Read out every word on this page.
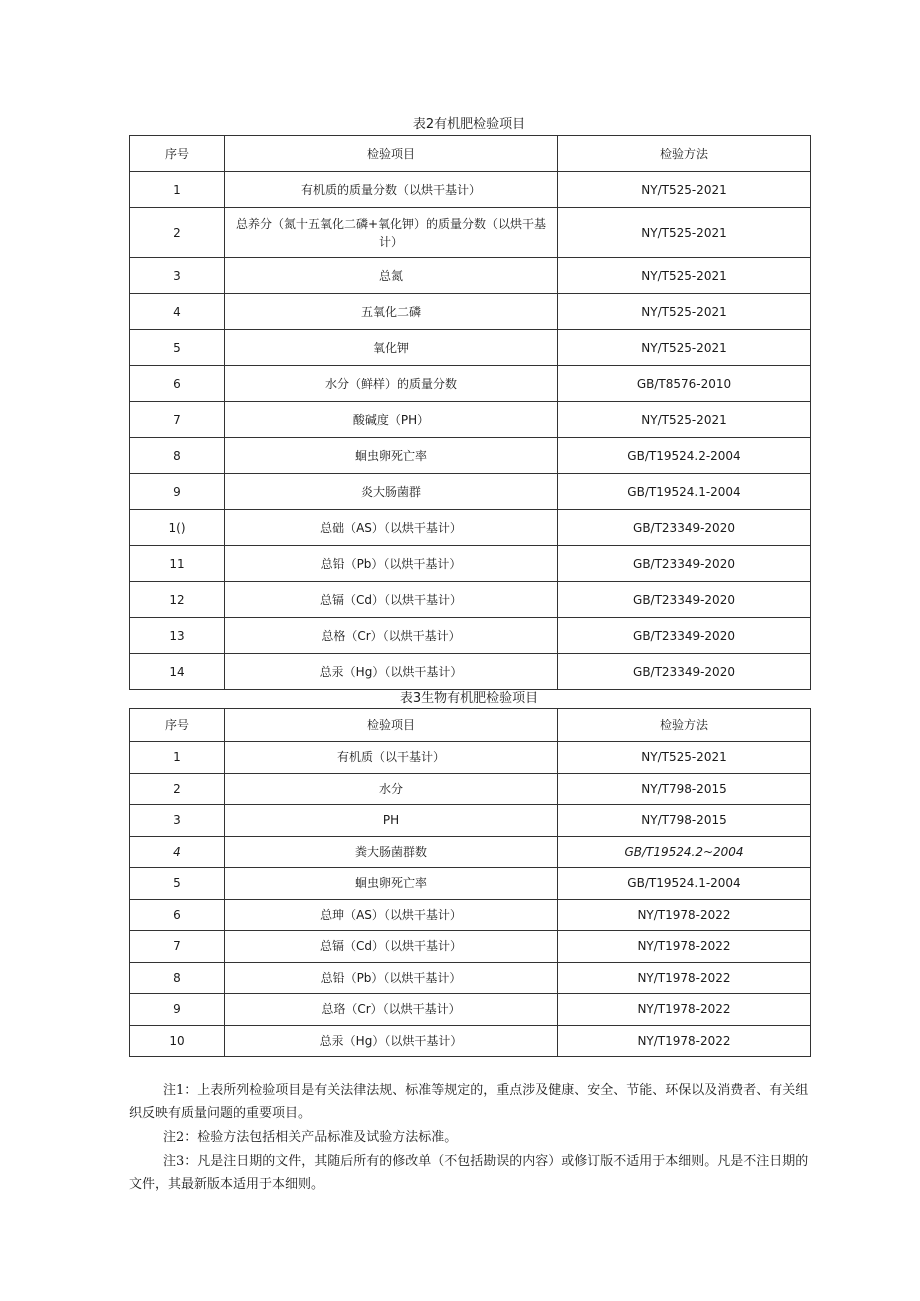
表2有机肥检验项目
序号	检验项目	检验方法
1	有机质的质量分数（以烘干基计）	NY/T525-2021
2	总养分（氮十五氧化二磷+氧化钾）的质量分数（以烘干基计）	NY/T525-2021
3	总氮	NY/T525-2021
4	五氧化二磷	NY/T525-2021
5	氧化钾	NY/T525-2021
6	水分（鲜样）的质量分数	GB/T8576-2010
7	酸碱度（PH）	NY/T525-2021
8	蛔虫卵死亡率	GB/T19524.2-2004
9	炎大肠菌群	GB/T19524.1-2004
1()	总础（AS）（以烘干基计）	GB/T23349-2020
11	总铅（Pb）（以烘干基计）	GB/T23349-2020
12	总镉（Cd）（以烘干基计）	GB/T23349-2020
13	总格（Cr）（以烘干基计）	GB/T23349-2020
14	总汞（Hg）（以烘干基计）	GB/T23349-2020
表3生物有机肥检验项目
序号	检验项目	检验方法
1	有机质（以干基计）	NY/T525-2021
2	水分	NY/T798-2015
3	PH	NY/T798-2015
4	粪大肠菌群数	GB/T19524.2~2004
5	蛔虫卵死亡率	GB/T19524.1-2004
6	总珅（AS）（以烘干基计）	NY/T1978-2022
7	总镉（Cd）（以烘干基计）	NY/T1978-2022
8	总铅（Pb）（以烘干基计）	NY/T1978-2022
9	总珞（Cr）（以烘干基计）	NY/T1978-2022
10	总汞（Hg）（以烘干基计）	NY/T1978-2022

注1：上表所列检验项目是有关法律法规、标准等规定的，重点涉及健康、安全、节能、环保以及消费者、有关组织反映有质量问题的重要项目。

注2：检验方法包括相关产品标准及试验方法标准。

注3：凡是注日期的文件，其随后所有的修改单（不包括勘误的内容）或修订版不适用于本细则。凡是不注日期的文件，其最新版本适用于本细则。
